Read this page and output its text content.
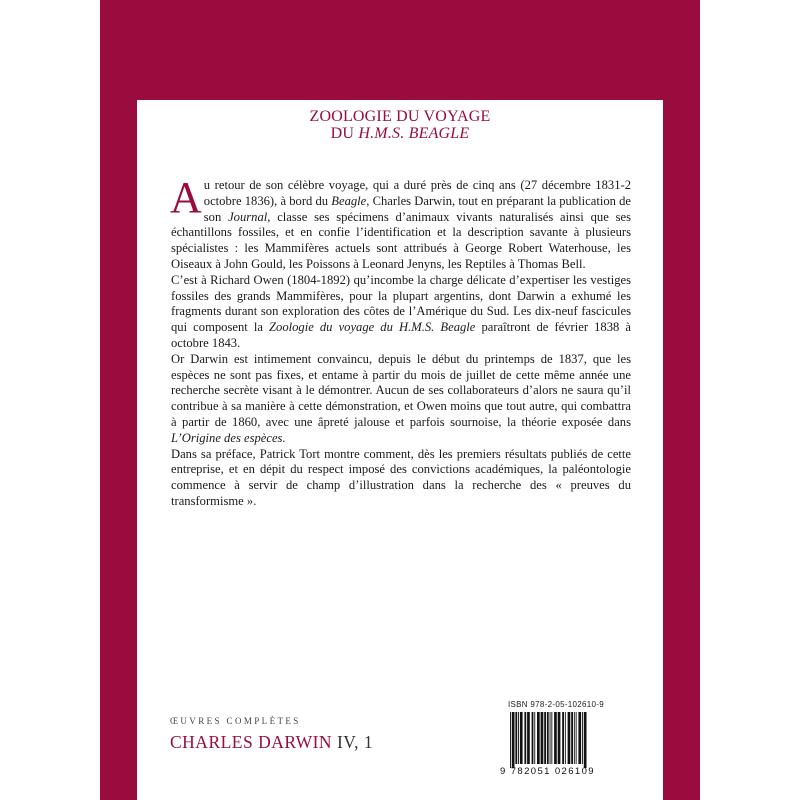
ZOOLOGIE DU VOYAGE
DU H.M.S. BEAGLE

Au retour de son célèbre voyage, qui a duré près de cinq ans (27 décembre 1831-2 octobre 1836), à bord du Beagle, Charles Darwin, tout en préparant la publication de son Journal, classe ses spécimens d’animaux vivants naturalisés ainsi que ses échantillons fossiles, et en confie l’identification et la description savante à plusieurs spécialistes : les Mammifères actuels sont attribués à George Robert Waterhouse, les Oiseaux à John Gould, les Poissons à Leonard Jenyns, les Reptiles à Thomas Bell.

C’est à Richard Owen (1804-1892) qu’incombe la charge délicate d’expertiser les vestiges fossiles des grands Mammifères, pour la plupart argentins, dont Darwin a exhumé les fragments durant son exploration des côtes de l’Amérique du Sud. Les dix-neuf fascicules qui composent la Zoologie du voyage du H.M.S. Beagle paraîtront de février 1838 à octobre 1843.

Or Darwin est intimement convaincu, depuis le début du printemps de 1837, que les espèces ne sont pas fixes, et entame à partir du mois de juillet de cette même année une recherche secrète visant à le démontrer. Aucun de ses collaborateurs d’alors ne saura qu’il contribue à sa manière à cette démonstration, et Owen moins que tout autre, qui combattra à partir de 1860, avec une âpreté jalouse et parfois sournoise, la théorie exposée dans L’Origine des espèces.

Dans sa préface, Patrick Tort montre comment, dès les premiers résultats publiés de cette entreprise, et en dépit du respect imposé des convictions académiques, la paléontologie commence à servir de champ d’illustration dans la recherche des « preuves du transformisme ».

ŒUVRES COMPLÈTES
CHARLES DARWIN IV, 1
ISBN 978-2-05-102610-9
9 782051 026109
`
